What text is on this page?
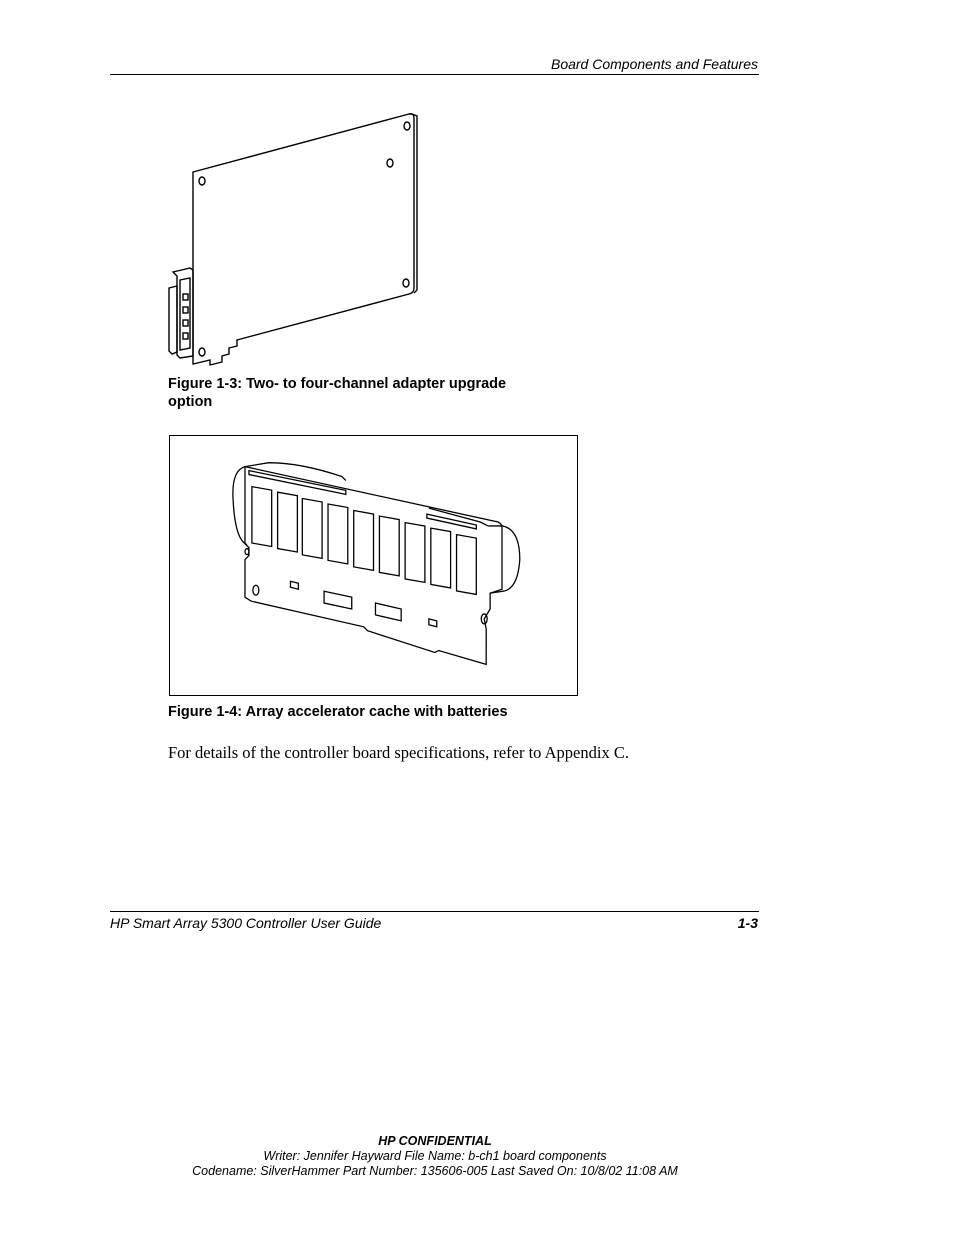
Board Components and Features
Figure 1-3: Two- to four-channel adapter upgrade
option
Figure 1-4: Array accelerator cache with batteries
For details of the controller board specifications, refer to Appendix C.
HP Smart Array 5300 Controller User Guide	1-3
HP CONFIDENTIAL
Writer: Jennifer Hayward File Name: b-ch1 board components
Codename: SilverHammer Part Number: 135606-005 Last Saved On: 10/8/02 11:08 AM
